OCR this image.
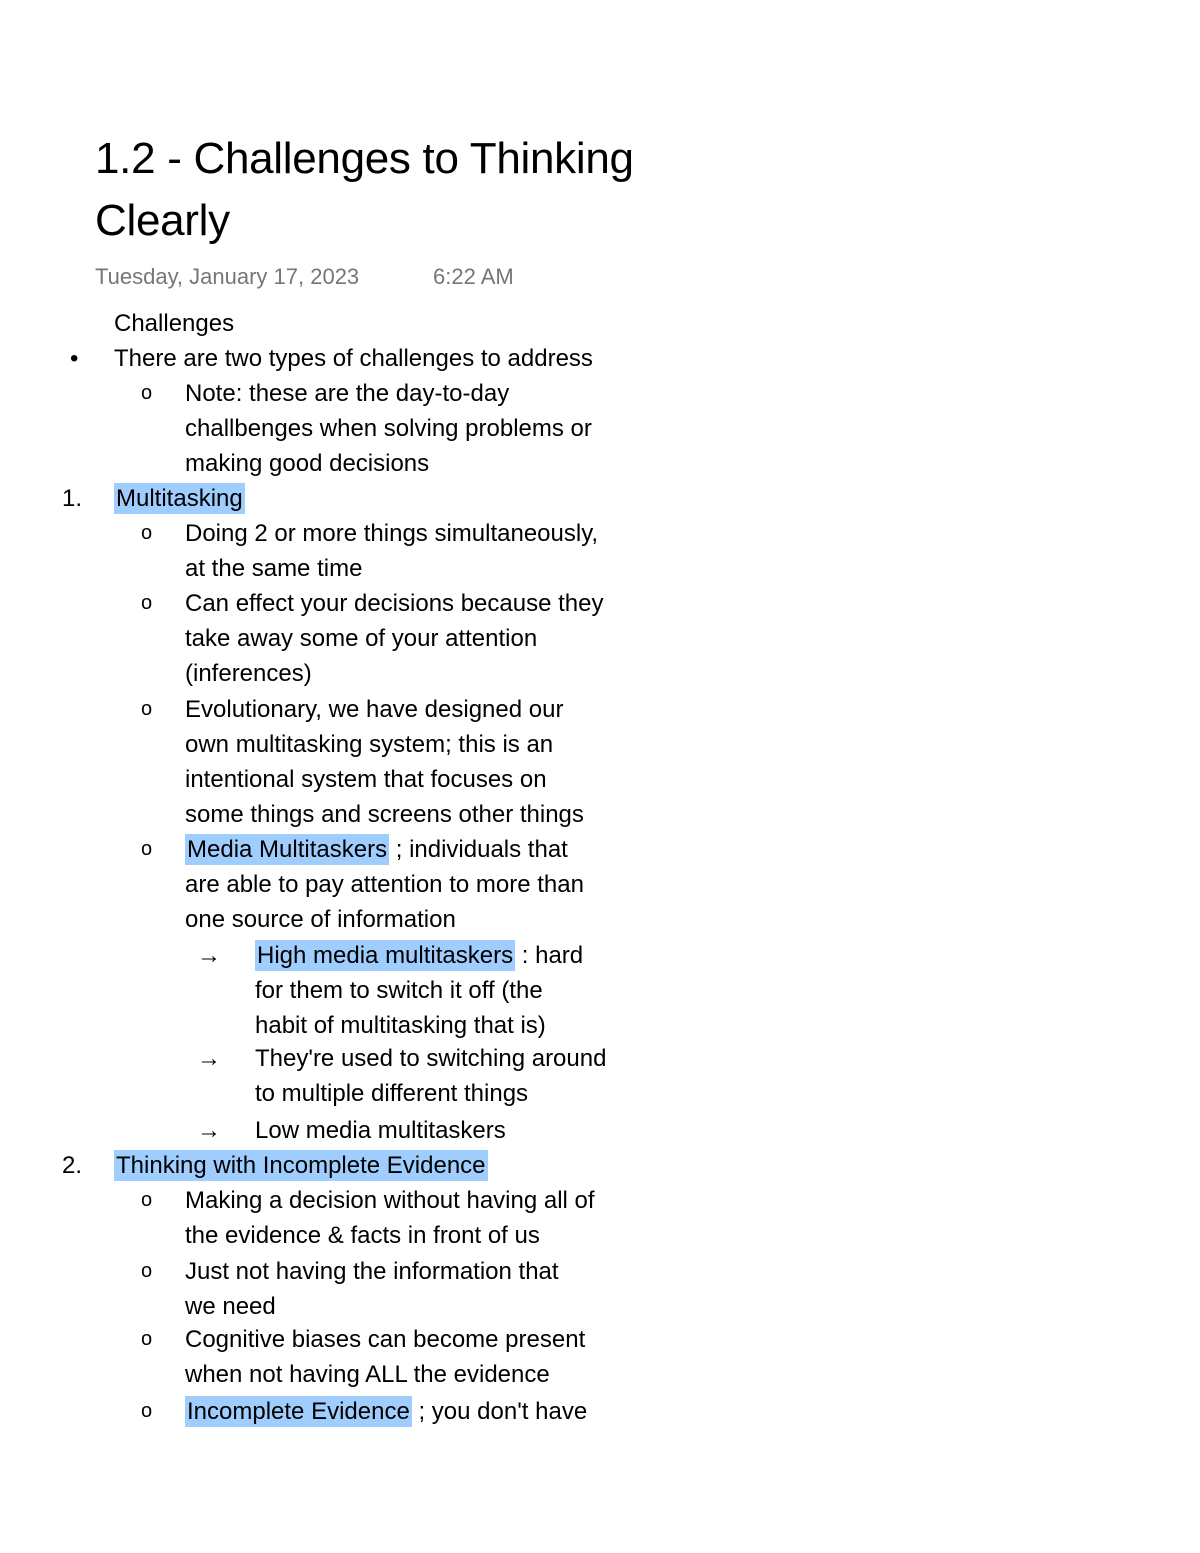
1.2 - Challenges to Thinking
Clearly
Tuesday, January 17, 2023	6:22 AM
Challenges
• There are two types of challenges to address
o Note: these are the day-to-day
challbenges when solving problems or
making good decisions
1. Multitasking
o Doing 2 or more things simultaneously,
at the same time
o Can effect your decisions because they
take away some of your attention
(inferences)
o Evolutionary, we have designed our
own multitasking system; this is an
intentional system that focuses on
some things and screens other things
o Media Multitaskers ; individuals that
are able to pay attention to more than
one source of information
→ High media multitaskers : hard
for them to switch it off (the
habit of multitasking that is)
→ They're used to switching around
to multiple different things
→ Low media multitaskers
2. Thinking with Incomplete Evidence
o Making a decision without having all of
the evidence & facts in front of us
o Just not having the information that
we need
o Cognitive biases can become present
when not having ALL the evidence
o Incomplete Evidence ; you don't have
